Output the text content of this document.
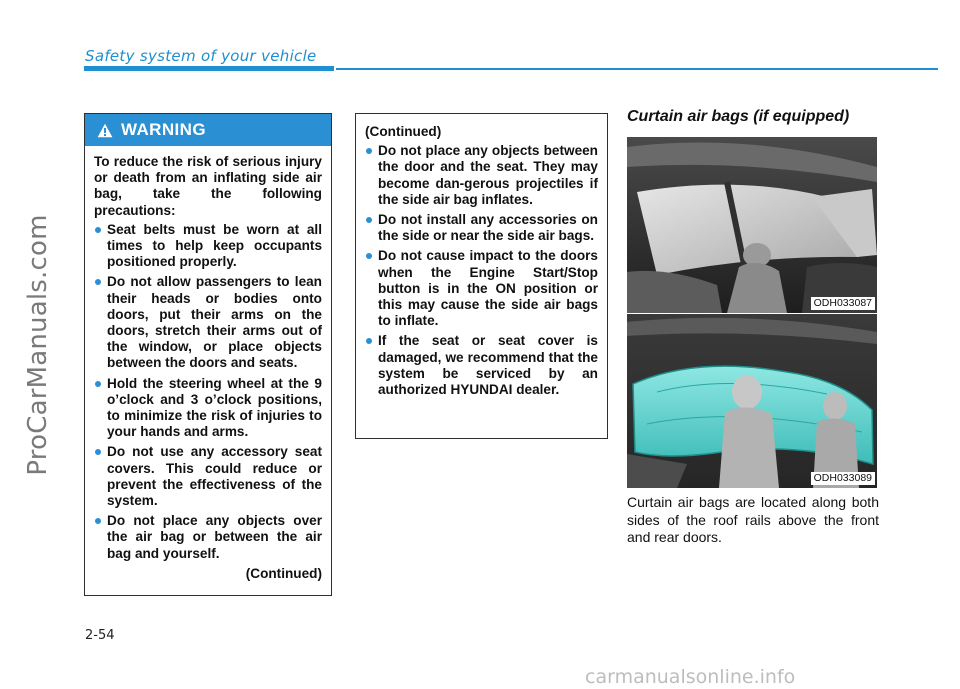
ProCarManuals.com
Safety system of your vehicle
WARNING

To reduce the risk of serious injury or death from an inflating side air bag, take the following precautions:

Seat belts must be worn at all times to help keep occupants positioned properly.
Do not allow passengers to lean their heads or bodies onto doors, put their arms on the doors, stretch their arms out of the window, or place objects between the doors and seats.
Hold the steering wheel at the 9 o’clock and 3 o’clock positions, to minimize the risk of injuries to your hands and arms.
Do not use any accessory seat covers. This could reduce or prevent the effectiveness of the system.
Do not place any objects over the air bag or between the air bag and yourself.
(Continued)

(Continued)

Do not place any objects between the door and the seat. They may become dan-gerous projectiles if the side air bag inflates.
Do not install any accessories on the side or near the side air bags.
Do not cause impact to the doors when the Engine Start/Stop button is in the ON position or this may cause the side air bags to inflate.
If the seat or seat cover is damaged, we recommend that the system be serviced by an authorized HYUNDAI dealer.
Curtain air bags (if equipped)
ODH033087
ODH033089
Curtain air bags are located along both sides of the roof rails above the front and rear doors.
2-54
carmanualsonline.info
